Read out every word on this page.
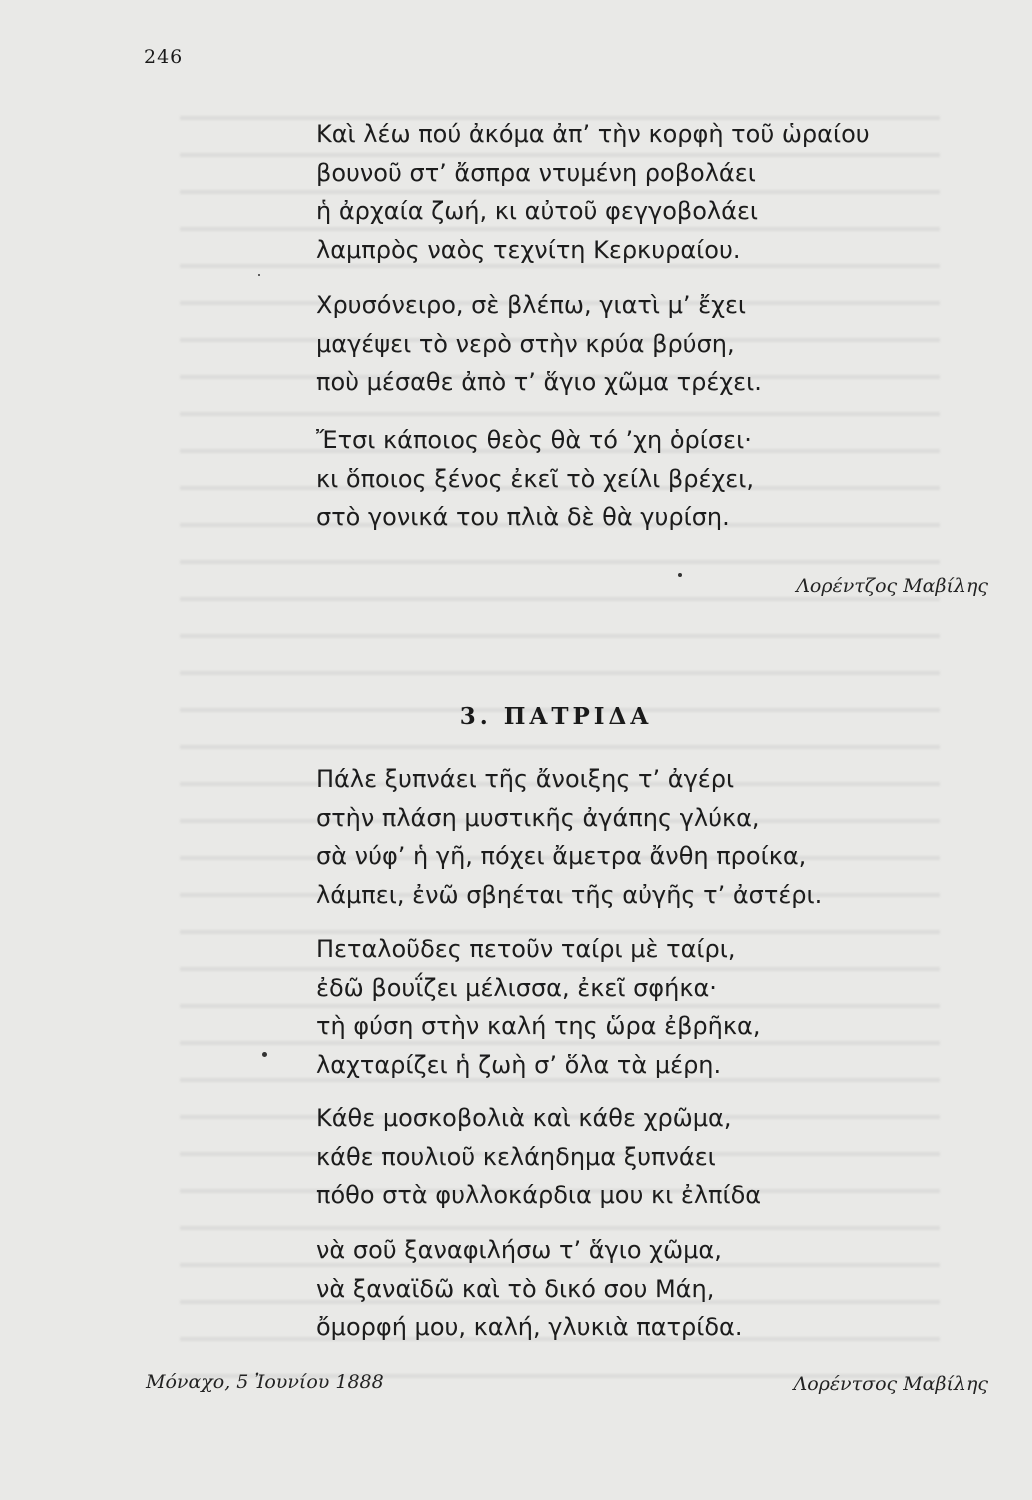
246

Καὶ λέω πού ἀκόμα ἀπ’ τὴν κορφὴ τοῦ ὡραίου
βουνοῦ στ’ ἄσπρα ντυμένη ροβολάει
ἡ ἀρχαία ζωή, κι αὐτοῦ φεγγοβολάει
λαμπρὸς ναὸς τεχνίτη Κερκυραίου.

Χρυσόνειρο, σὲ βλέπω, γιατὶ μ’ ἔχει
μαγέψει τὸ νερὸ στὴν κρύα βρύση,
ποὺ μέσαθε ἀπὸ τ’ ἅγιο χῶμα τρέχει.

Ἔτσι κάποιος θεὸς θὰ τό ’χη ὁρίσει·
κι ὅποιος ξένος ἐκεῖ τὸ χείλι βρέχει,
στὸ γονικά του πλιὰ δὲ θὰ γυρίση.

Λορέντζος Μαβίλης
3. ΠΑΤΡΙΔΑ

Πάλε ξυπνάει τῆς ἄνοιξης τ’ ἀγέρι
στὴν πλάση μυστικῆς ἀγάπης γλύκα,
σὰ νύφ’ ἡ γῆ, πόχει ἄμετρα ἄνθη προίκα,
λάμπει, ἐνῶ σβηέται τῆς αὐγῆς τ’ ἀστέρι.

Πεταλοῦδες πετοῦν ταίρι μὲ ταίρι,
ἐδῶ βουΐζει μέλισσα, ἐκεῖ σφήκα·
τὴ φύση στὴν καλή της ὥρα ἐβρῆκα,
λαχταρίζει ἡ ζωὴ σ’ ὅλα τὰ μέρη.

Κάθε μοσκοβολιὰ καὶ κάθε χρῶμα,
κάθε πουλιοῦ κελάηδημα ξυπνάει
πόθο στὰ φυλλοκάρδια μου κι ἐλπίδα

νὰ σοῦ ξαναφιλήσω τ’ ἅγιο χῶμα,
νὰ ξαναϊδῶ καὶ τὸ δικό σου Μάη,
ὄμορφή μου, καλή, γλυκιὰ πατρίδα.

Μόναχο, 5 Ἰουνίου 1888	Λορέντσος Μαβίλης
